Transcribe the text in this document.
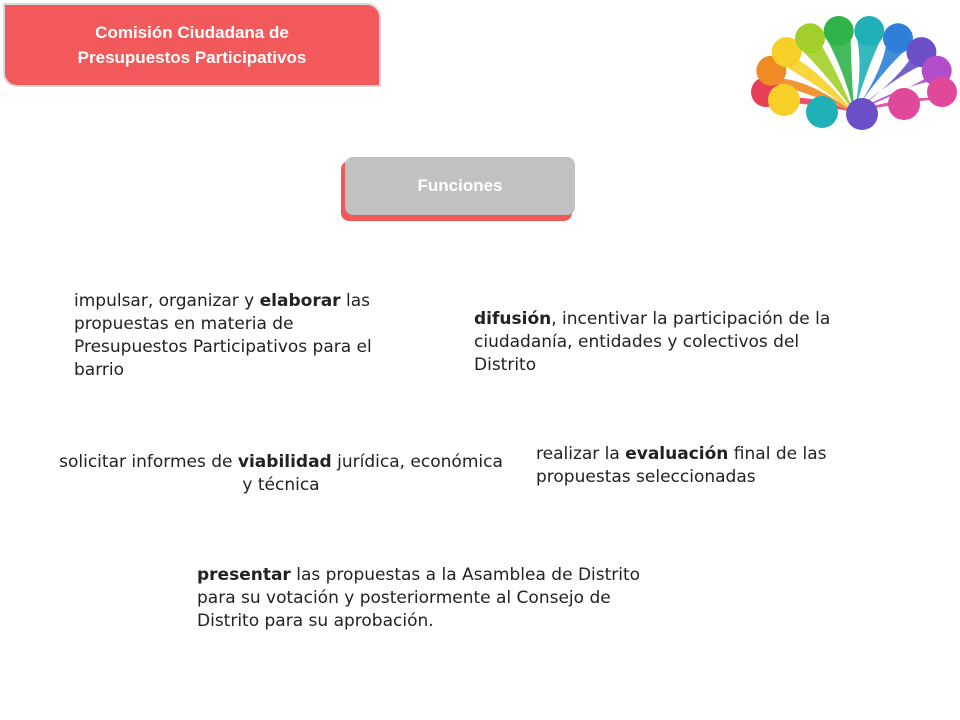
Comisión Ciudadana de
Presupuestos Participativos
Funciones
impulsar, organizar y elaborar las propuestas en materia de Presupuestos Participativos para el barrio
difusión, incentivar la participación de la ciudadanía, entidades y colectivos del Distrito
solicitar informes de viabilidad jurídica, económica y técnica
realizar la evaluación final de las propuestas seleccionadas
presentar las propuestas a la Asamblea de Distrito para su votación y posteriormente al Consejo de Distrito para su aprobación.
